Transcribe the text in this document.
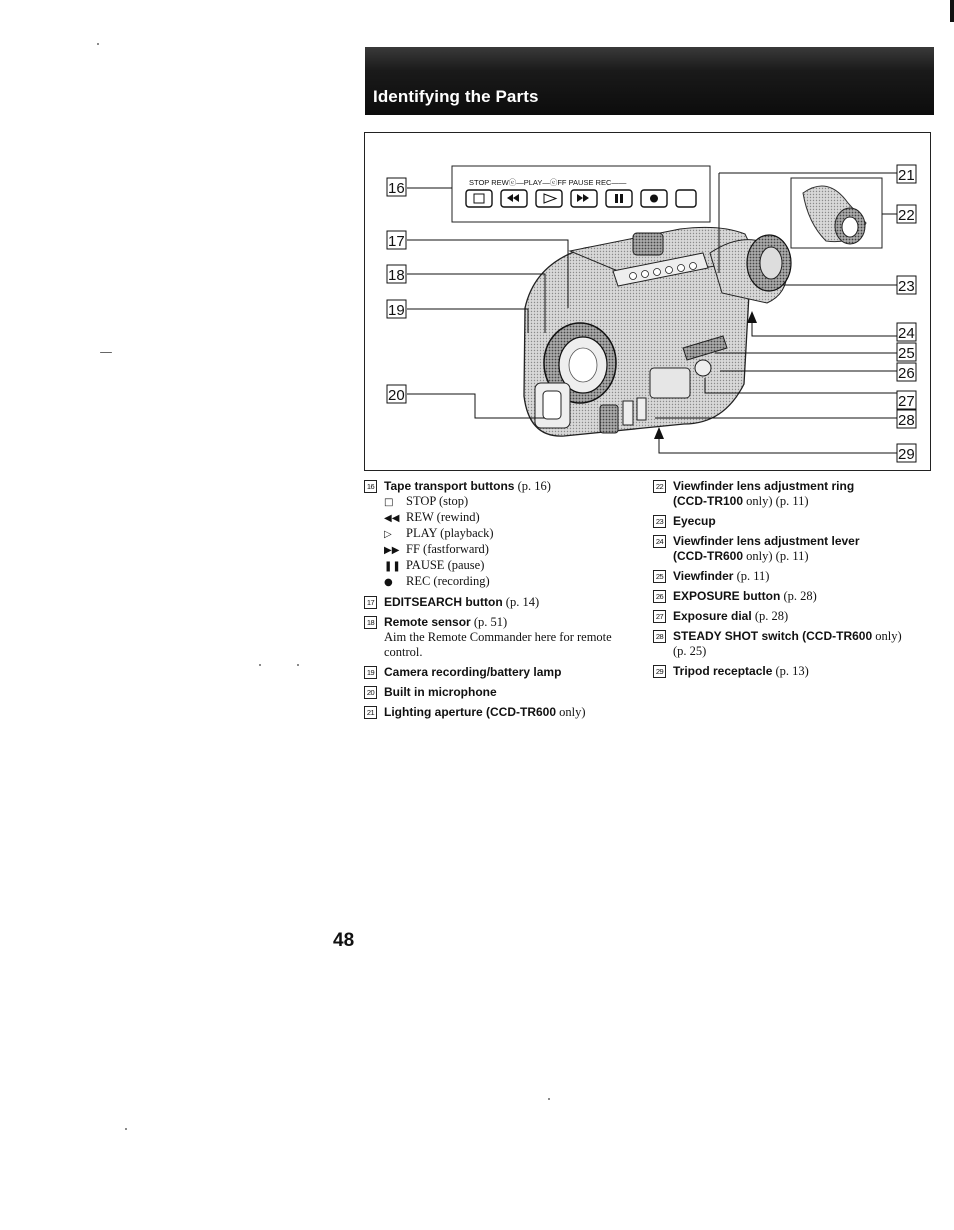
Identifying the Parts
STOP REWⓔ—PLAY—ⓔFF PAUSE REC——
16
17
18
19
20
21
22
23
24
25
26
27
28
29
16 Tape transport buttons (p. 16)
□ STOP (stop)
◀◀ REW (rewind)
▷ PLAY (playback)
▶▶ FF (fastforward)
❚❚ PAUSE (pause)
● REC (recording)
17 EDITSEARCH button (p. 14)
18 Remote sensor (p. 51)
Aim the Remote Commander here for remote control.
19 Camera recording/battery lamp
20 Built in microphone
21 Lighting aperture (CCD-TR600 only)
22 Viewfinder lens adjustment ring
(CCD-TR100 only) (p. 11)
23 Eyecup
24 Viewfinder lens adjustment lever
(CCD-TR600 only) (p. 11)
25 Viewfinder (p. 11)
26 EXPOSURE button (p. 28)
27 Exposure dial (p. 28)
28 STEADY SHOT switch (CCD-TR600 only) (p. 25)
29 Tripod receptacle (p. 13)
48
